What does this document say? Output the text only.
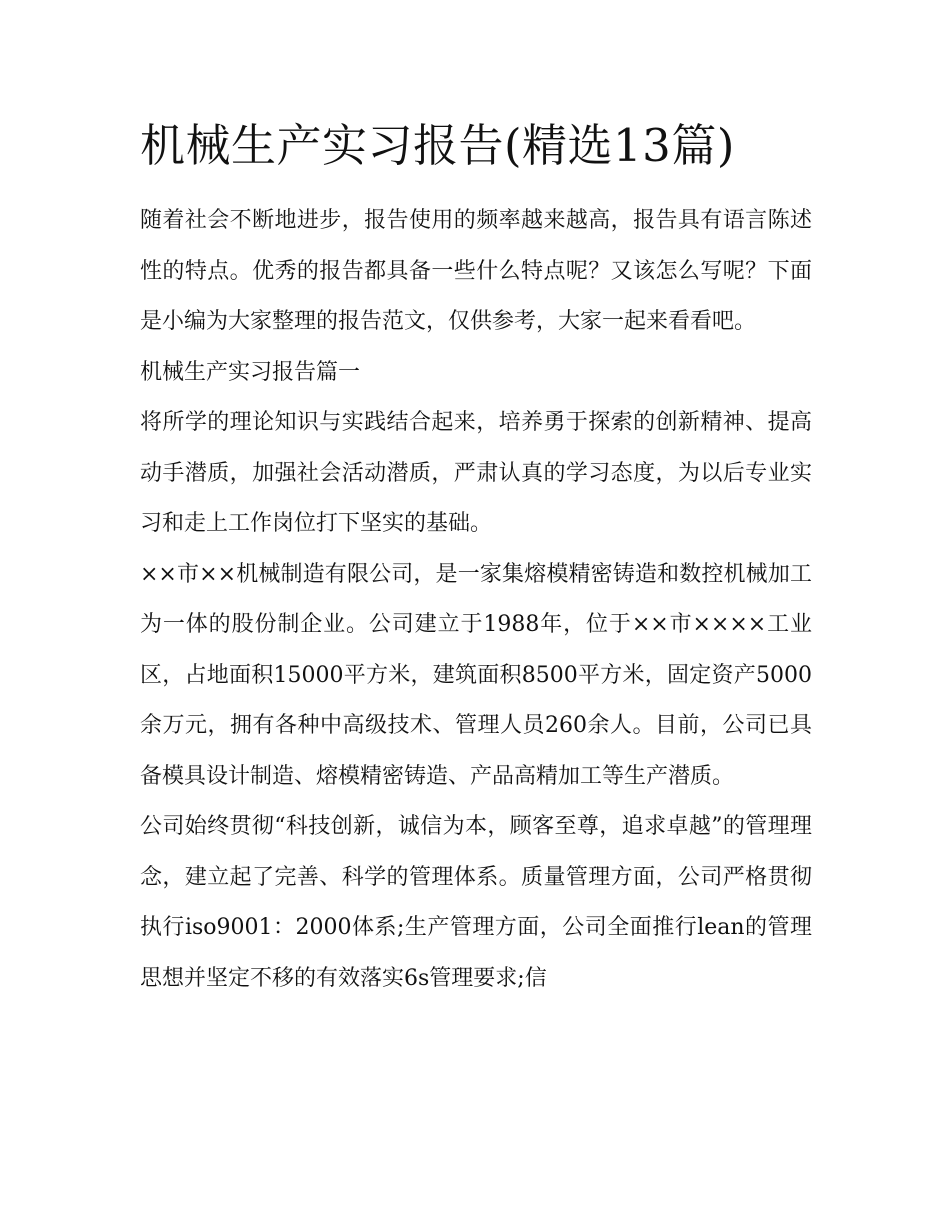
机械生产实习报告(精选13篇)

随着社会不断地进步，报告使用的频率越来越高，报告具有语言陈述性的特点。优秀的报告都具备一些什么特点呢？又该怎么写呢？下面是小编为大家整理的报告范文，仅供参考，大家一起来看看吧。

机械生产实习报告篇一

将所学的理论知识与实践结合起来，培养勇于探索的创新精神、提高动手潜质，加强社会活动潜质，严肃认真的学习态度，为以后专业实习和走上工作岗位打下坚实的基础。

××市××机械制造有限公司，是一家集熔模精密铸造和数控机械加工为一体的股份制企业。公司建立于1988年，位于××市××××工业区，占地面积15000平方米，建筑面积8500平方米，固定资产5000余万元，拥有各种中高级技术、管理人员260余人。目前，公司已具备模具设计制造、熔模精密铸造、产品高精加工等生产潜质。

公司始终贯彻“科技创新，诚信为本，顾客至尊，追求卓越”的管理理念，建立起了完善、科学的管理体系。质量管理方面，公司严格贯彻执行iso9001：2000体系;生产管理方面，公司全面推行lean的管理思想并坚定不移的有效落实6s管理要求;信
